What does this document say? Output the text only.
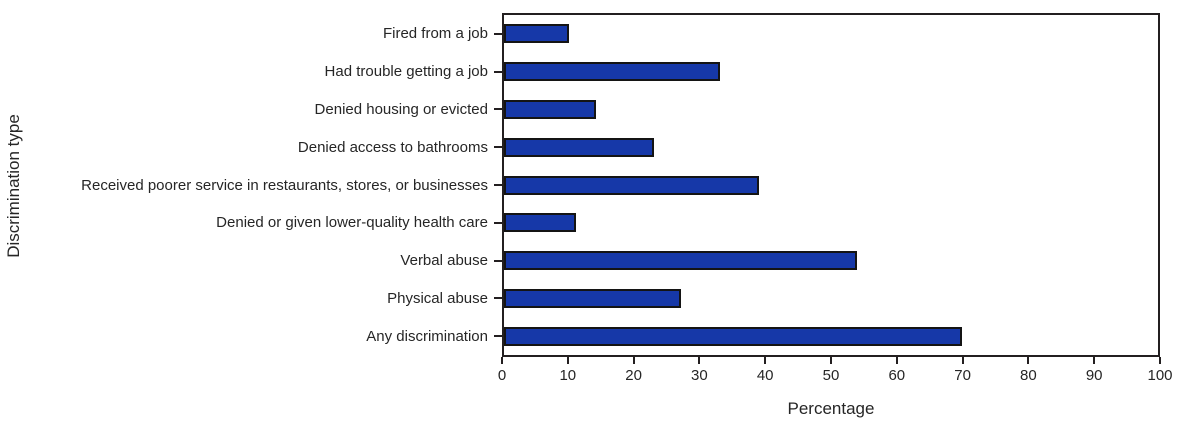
Discrimination type
Fired from a job
Had trouble getting a job
Denied housing or evicted
Denied access to bathrooms
Received poorer service in restaurants, stores, or businesses
Denied or given lower-quality health care
Verbal abuse
Physical abuse
Any discrimination
0	10	20	30	40	50	60	70	80	90	100
Percentage
